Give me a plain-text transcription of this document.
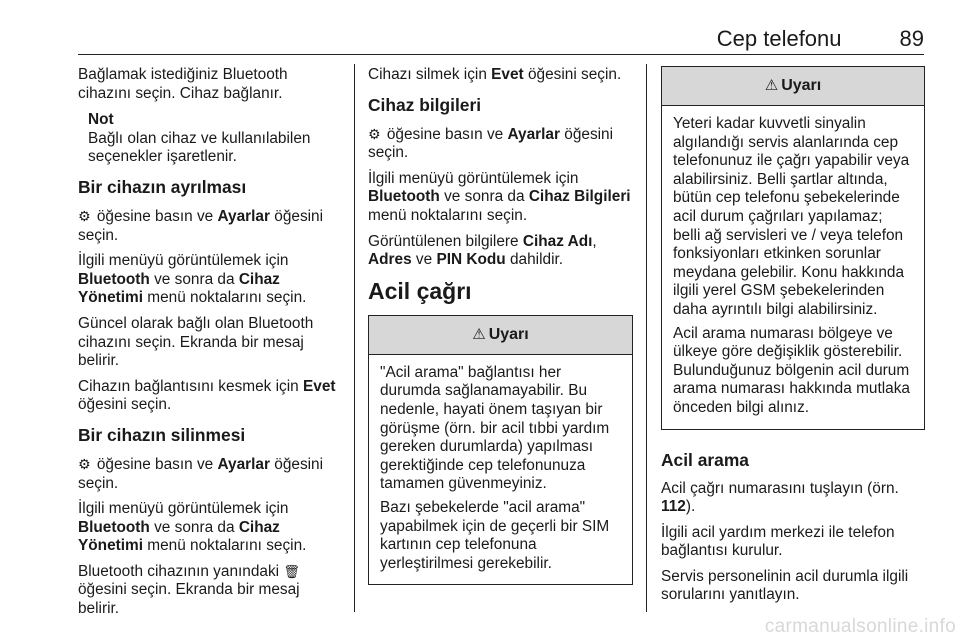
Cep telefonu	89

Bağlamak istediğiniz Bluetooth cihazını seçin. Cihaz bağlanır.

Not
Bağlı olan cihaz ve kullanılabilen seçenekler işaretlenir.
Bir cihazın ayrılması

⚙ öğesine basın ve Ayarlar öğesini seçin.

İlgili menüyü görüntülemek için Bluetooth ve sonra da Cihaz Yönetimi menü noktalarını seçin.

Güncel olarak bağlı olan Bluetooth cihazını seçin. Ekranda bir mesaj belirir.

Cihazın bağlantısını kesmek için Evet öğesini seçin.

Bir cihazın silinmesi

⚙ öğesine basın ve Ayarlar öğesini seçin.

İlgili menüyü görüntülemek için Bluetooth ve sonra da Cihaz Yönetimi menü noktalarını seçin.

Bluetooth cihazının yanındaki 🗑 öğesini seçin. Ekranda bir mesaj belirir.

Cihazı silmek için Evet öğesini seçin.

Cihaz bilgileri

⚙ öğesine basın ve Ayarlar öğesini seçin.

İlgili menüyü görüntülemek için Bluetooth ve sonra da Cihaz Bilgileri menü noktalarını seçin.

Görüntülenen bilgilere Cihaz Adı, Adres ve PIN Kodu dahildir.

Acil çağrı
⚠ Uyarı

"Acil arama" bağlantısı her durumda sağlanamayabilir. Bu nedenle, hayati önem taşıyan bir görüşme (örn. bir acil tıbbi yardım gereken durumlarda) yapılması gerektiğinde cep telefonunuza tamamen güvenmeyiniz.

Bazı şebekelerde "acil arama" yapabilmek için de geçerli bir SIM kartının cep telefonuna yerleştirilmesi gerekebilir.

⚠ Uyarı

Yeteri kadar kuvvetli sinyalin algılandığı servis alanlarında cep telefonunuz ile çağrı yapabilir veya alabilirsiniz. Belli şartlar altında, bütün cep telefonu şebekelerinde acil durum çağrıları yapılamaz; belli ağ servisleri ve / veya telefon fonksiyonları etkinken sorunlar meydana gelebilir. Konu hakkında ilgili yerel GSM şebekelerinden daha ayrıntılı bilgi alabilirsiniz.

Acil arama numarası bölgeye ve ülkeye göre değişiklik gösterebilir. Bulunduğunuz bölgenin acil durum arama numarası hakkında mutlaka önceden bilgi alınız.

Acil arama

Acil çağrı numarasını tuşlayın (örn. 112).

İlgili acil yardım merkezi ile telefon bağlantısı kurulur.

Servis personelinin acil durumla ilgili sorularını yanıtlayın.

carmanualsonline.info
